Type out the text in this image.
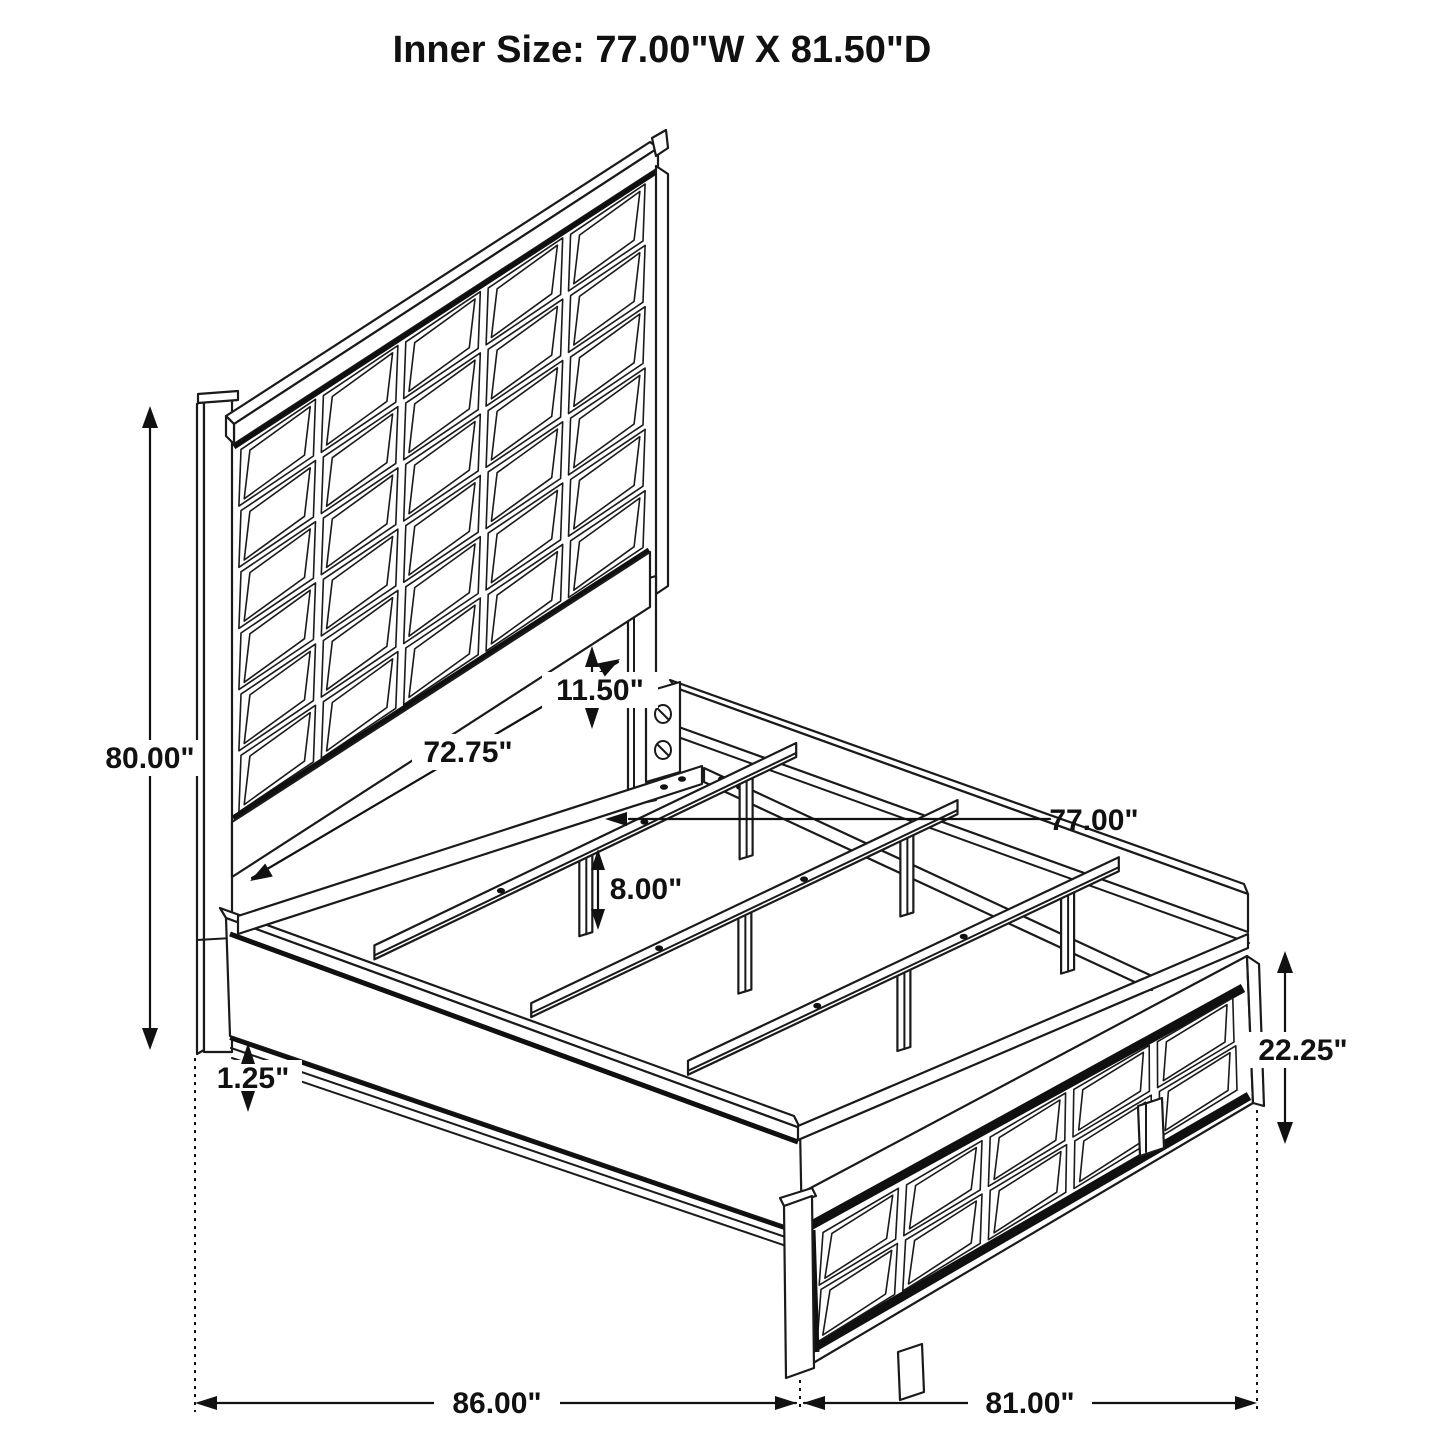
80.00"	72.75"
11.50"
8.00"
77.00"
1.25"
22.25"
86.00"	81.00"
Inner Size: 77.00"W X 81.50"D
